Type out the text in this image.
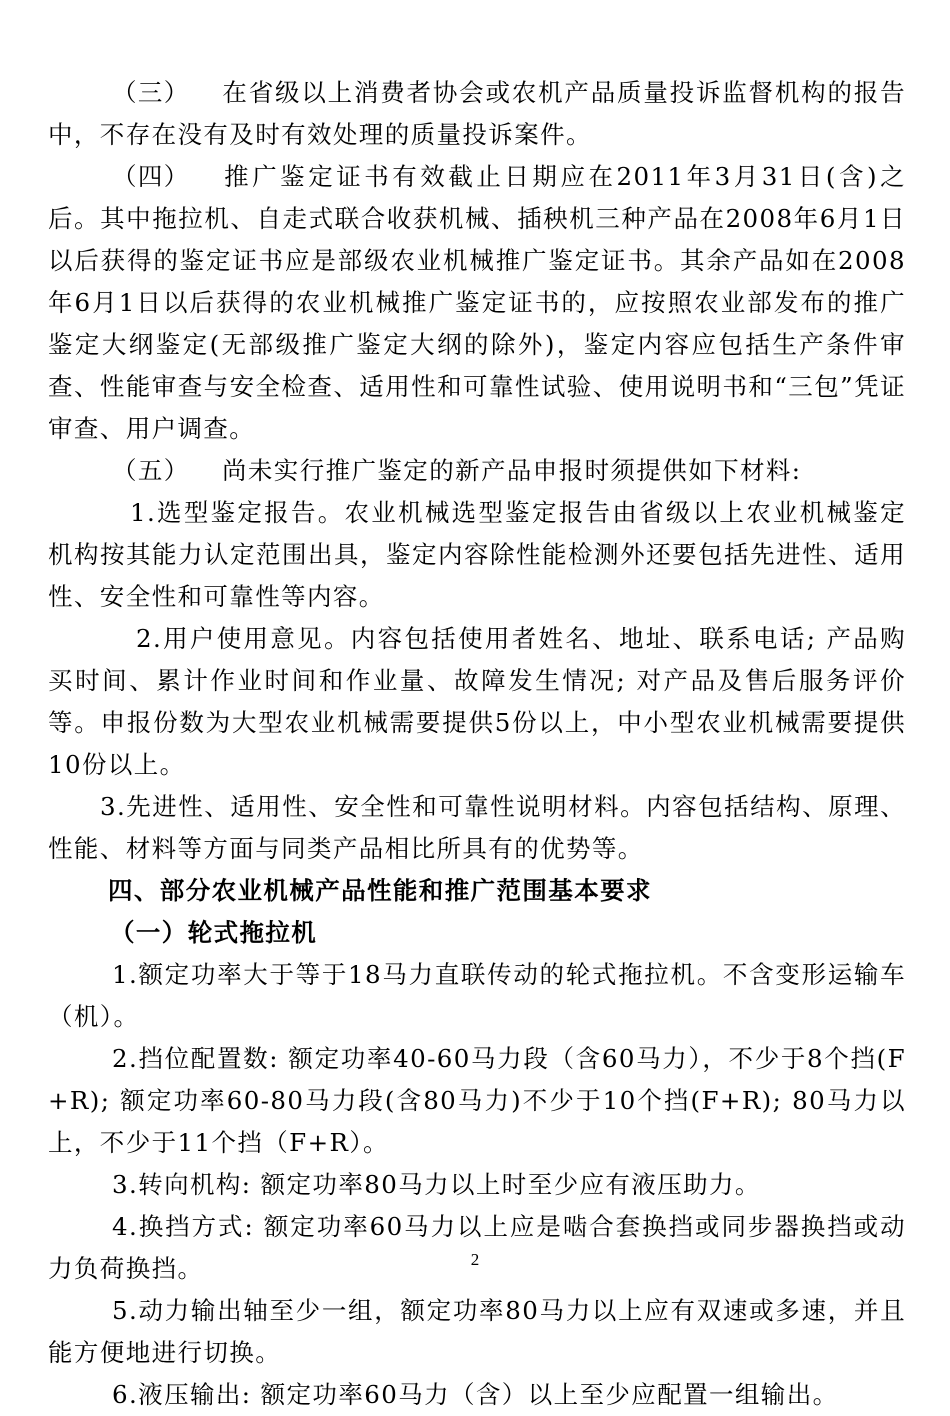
（三） 在省级以上消费者协会或农机产品质量投诉监督机构的报告中，不存在没有及时有效处理的质量投诉案件。

（四） 推广鉴定证书有效截止日期应在2011年3月31日(含)之后。其中拖拉机、自走式联合收获机械、插秧机三种产品在2008年6月1日以后获得的鉴定证书应是部级农业机械推广鉴定证书。其余产品如在2008年6月1日以后获得的农业机械推广鉴定证书的，应按照农业部发布的推广鉴定大纲鉴定(无部级推广鉴定大纲的除外)，鉴定内容应包括生产条件审查、性能审查与安全检查、适用性和可靠性试验、使用说明书和“三包”凭证审查、用户调查。

（五） 尚未实行推广鉴定的新产品申报时须提供如下材料:

1.选型鉴定报告。农业机械选型鉴定报告由省级以上农业机械鉴定机构按其能力认定范围出具，鉴定内容除性能检测外还要包括先进性、适用性、安全性和可靠性等内容。

2.用户使用意见。内容包括使用者姓名、地址、联系电话; 产品购买时间、累计作业时间和作业量、故障发生情况; 对产品及售后服务评价等。申报份数为大型农业机械需要提供5份以上，中小型农业机械需要提供10份以上。

3.先进性、适用性、安全性和可靠性说明材料。内容包括结构、原理、性能、材料等方面与同类产品相比所具有的优势等。

四、部分农业机械产品性能和推广范围基本要求

（一）轮式拖拉机

1.额定功率大于等于18马力直联传动的轮式拖拉机。不含变形运输车（机）。

2.挡位配置数: 额定功率40-60马力段（含60马力），不少于8个挡(F+R); 额定功率60-80马力段(含80马力)不少于10个挡(F+R); 80马力以上，不少于11个挡（F+R）。

3.转向机构: 额定功率80马力以上时至少应有液压助力。

4.换挡方式: 额定功率60马力以上应是啮合套换挡或同步器换挡或动力负荷换挡。

5.动力输出轴至少一组，额定功率80马力以上应有双速或多速，并且能方便地进行切换。

6.液压输出: 额定功率60马力（含）以上至少应配置一组输出。

2
